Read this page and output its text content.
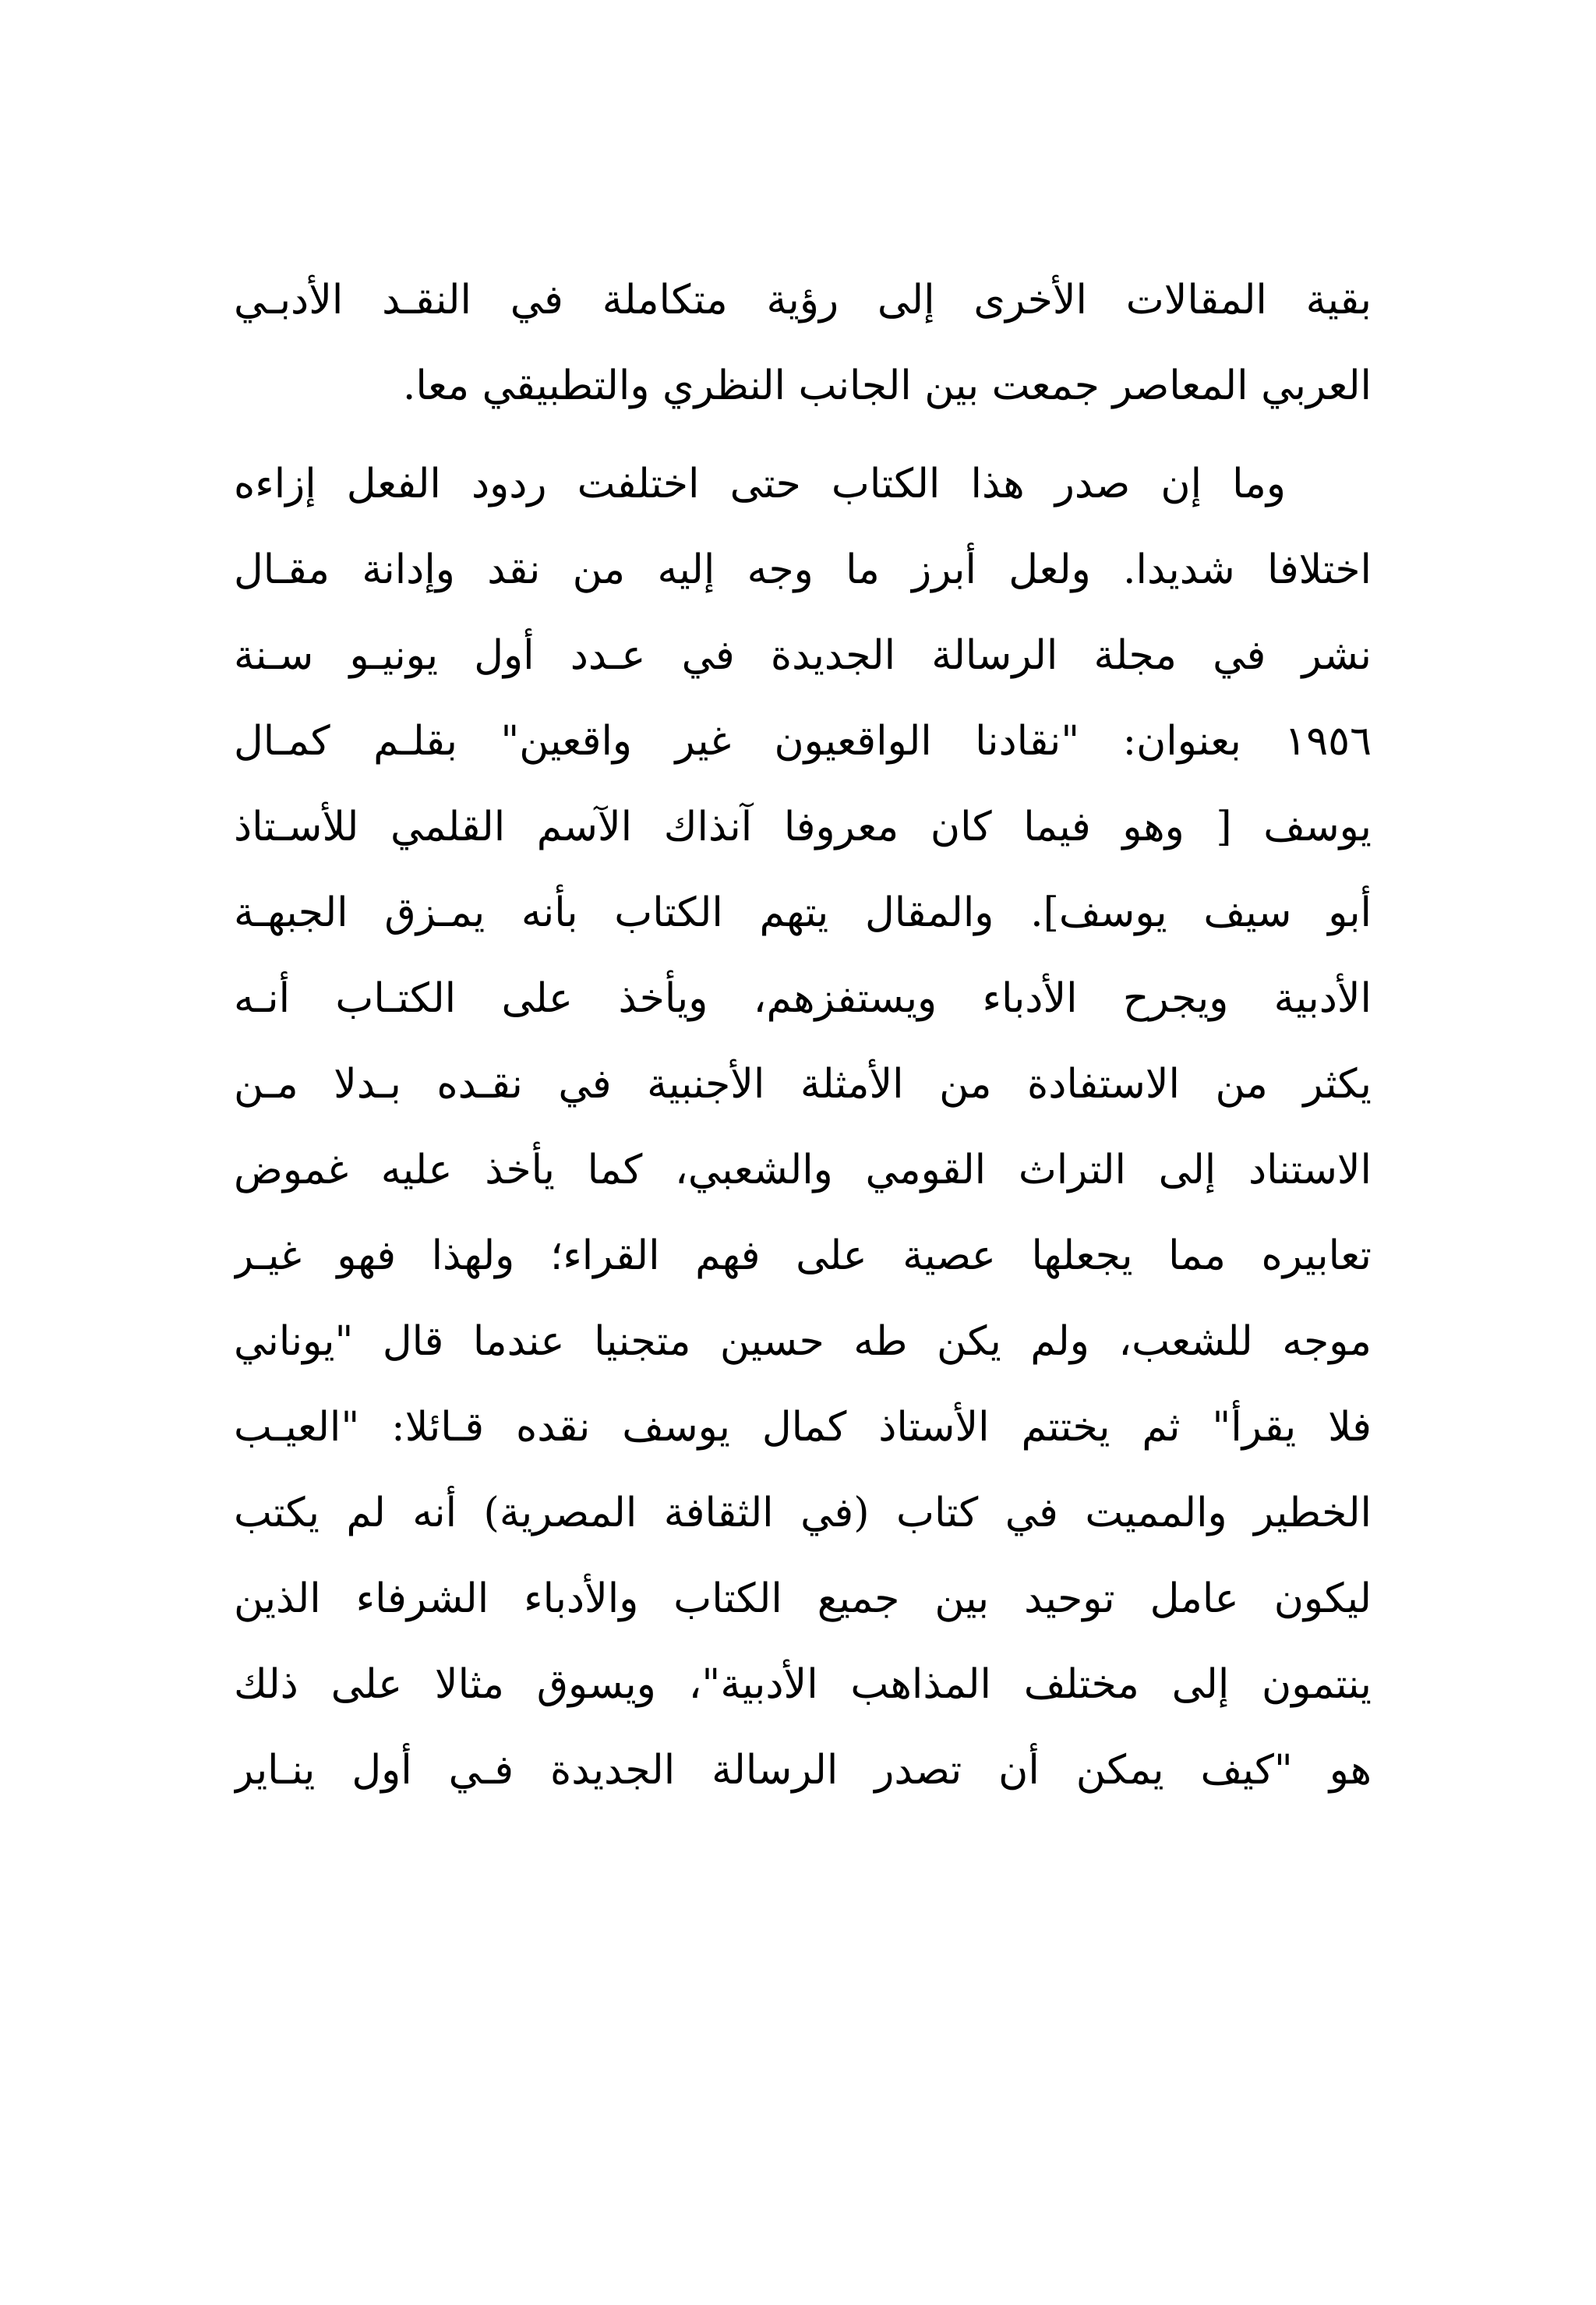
بقية المقالات الأخرى إلى رؤية متكاملة في النقـد الأدبـي
العربي المعاصر جمعت بين الجانب النظري والتطبيقي معا.
وما إن صدر هذا الكتاب حتى اختلفت ردود الفعل إزاءه
اختلافا شديدا. ولعل أبرز ما وجه إليه من نقد وإدانة مقـال
نشر في مجلة الرسالة الجديدة في عـدد أول يونيـو سـنة
١٩٥٦ بعنوان: "نقادنا الواقعيون غير واقعين" بقلـم كمـال
يوسف [ وهو فيما كان معروفا آنذاك الآسم القلمي للأسـتاذ
أبو سيف يوسف]. والمقال يتهم الكتاب بأنه يمـزق الجبهـة
الأدبية ويجرح الأدباء ويستفزهم، ويأخذ على الكتـاب أنـه
يكثر من الاستفادة من الأمثلة الأجنبية في نقـده بـدلا مـن
الاستناد إلى التراث القومي والشعبي، كما يأخذ عليه غموض
تعابيره مما يجعلها عصية على فهم القراء؛ ولهذا فهو غيـر
موجه للشعب، ولم يكن طه حسين متجنيا عندما قال "يوناني
فلا يقرأ" ثم يختتم الأستاذ كمال يوسف نقده قـائلا: "العيـب
الخطير والمميت في كتاب (في الثقافة المصرية) أنه لم يكتب
ليكون عامل توحيد بين جميع الكتاب والأدباء الشرفاء الذين
ينتمون إلى مختلف المذاهب الأدبية"، ويسوق مثالا على ذلك
هو "كيف يمكن أن تصدر الرسالة الجديدة فـي أول ينـاير
